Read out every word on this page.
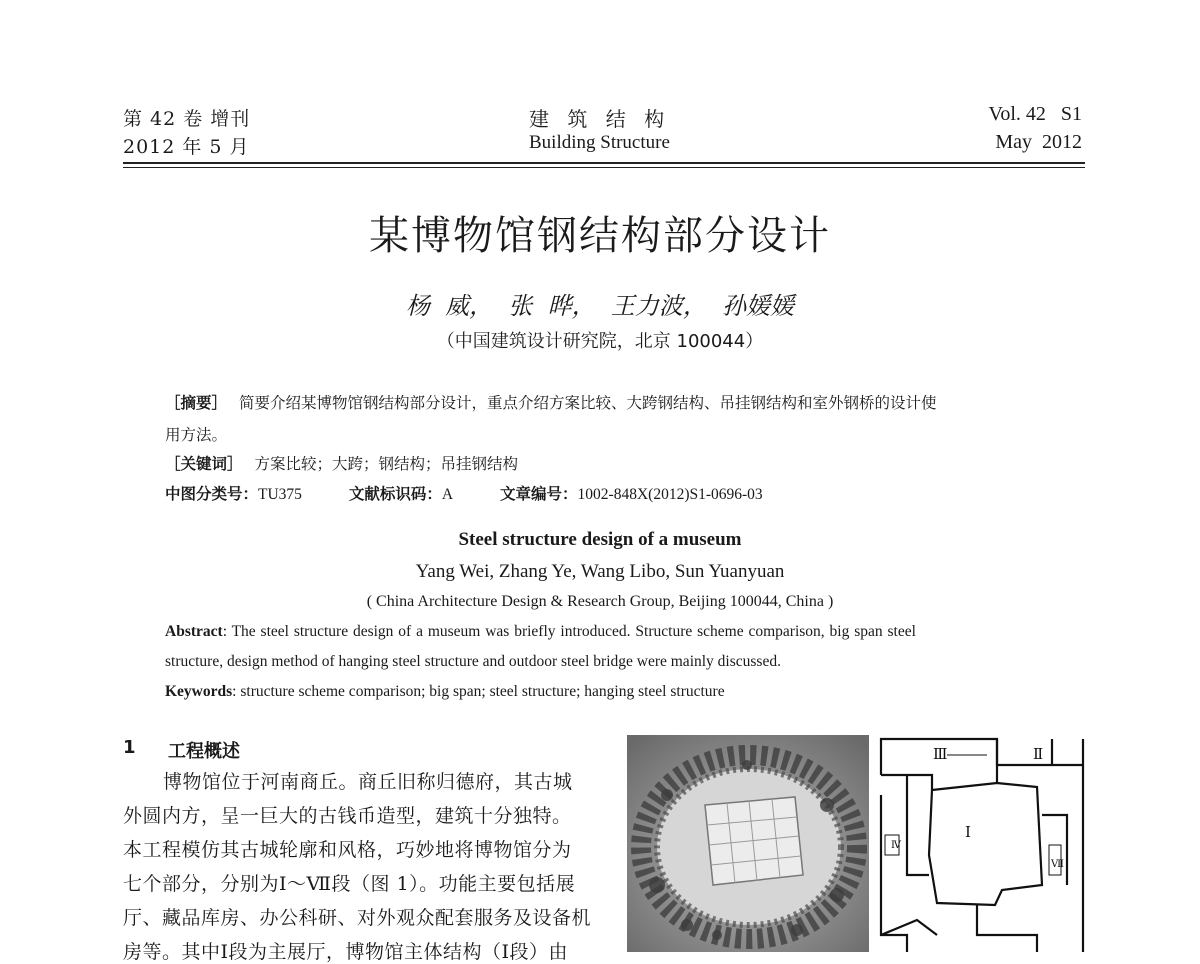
第 42 卷 增刊
2012 年 5 月
建 筑 结 构
Building Structure
Vol. 42   S1
May  2012
某博物馆钢结构部分设计
杨  威，  张  晔，  王力波，  孙媛媛
（中国建筑设计研究院，北京 100044）
［摘要］ 简要介绍某博物馆钢结构部分设计，重点介绍方案比较、大跨钢结构、吊挂钢结构和室外钢桥的设计使
用方法。
［关键词］ 方案比较；大跨；钢结构；吊挂钢结构
中图分类号：TU375	文献标识码：A	文章编号：1002-848X(2012)S1-0696-03
Steel structure design of a museum
Yang Wei, Zhang Ye, Wang Libo, Sun Yuanyuan
( China Architecture Design & Research Group, Beijing 100044, China )
Abstract: The steel structure design of a museum was briefly introduced. Structure scheme comparison, big span steel
structure, design method of hanging steel structure and outdoor steel bridge were mainly discussed.
Keywords: structure scheme comparison; big span; steel structure; hanging steel structure
1 工程概述
博物馆位于河南商丘。商丘旧称归德府，其古城
外圆内方，呈一巨大的古钱币造型，建筑十分独特。
本工程模仿其古城轮廓和风格，巧妙地将博物馆分为
七个部分，分别为Ⅰ～Ⅶ段（图 1）。功能主要包括展
厅、藏品库房、办公科研、对外观众配套服务及设备机
房等。其中Ⅰ段为主展厅，博物馆主体结构（Ⅰ段）由
Ⅲ	Ⅱ
Ⅰ
Ⅳ
Ⅶ
